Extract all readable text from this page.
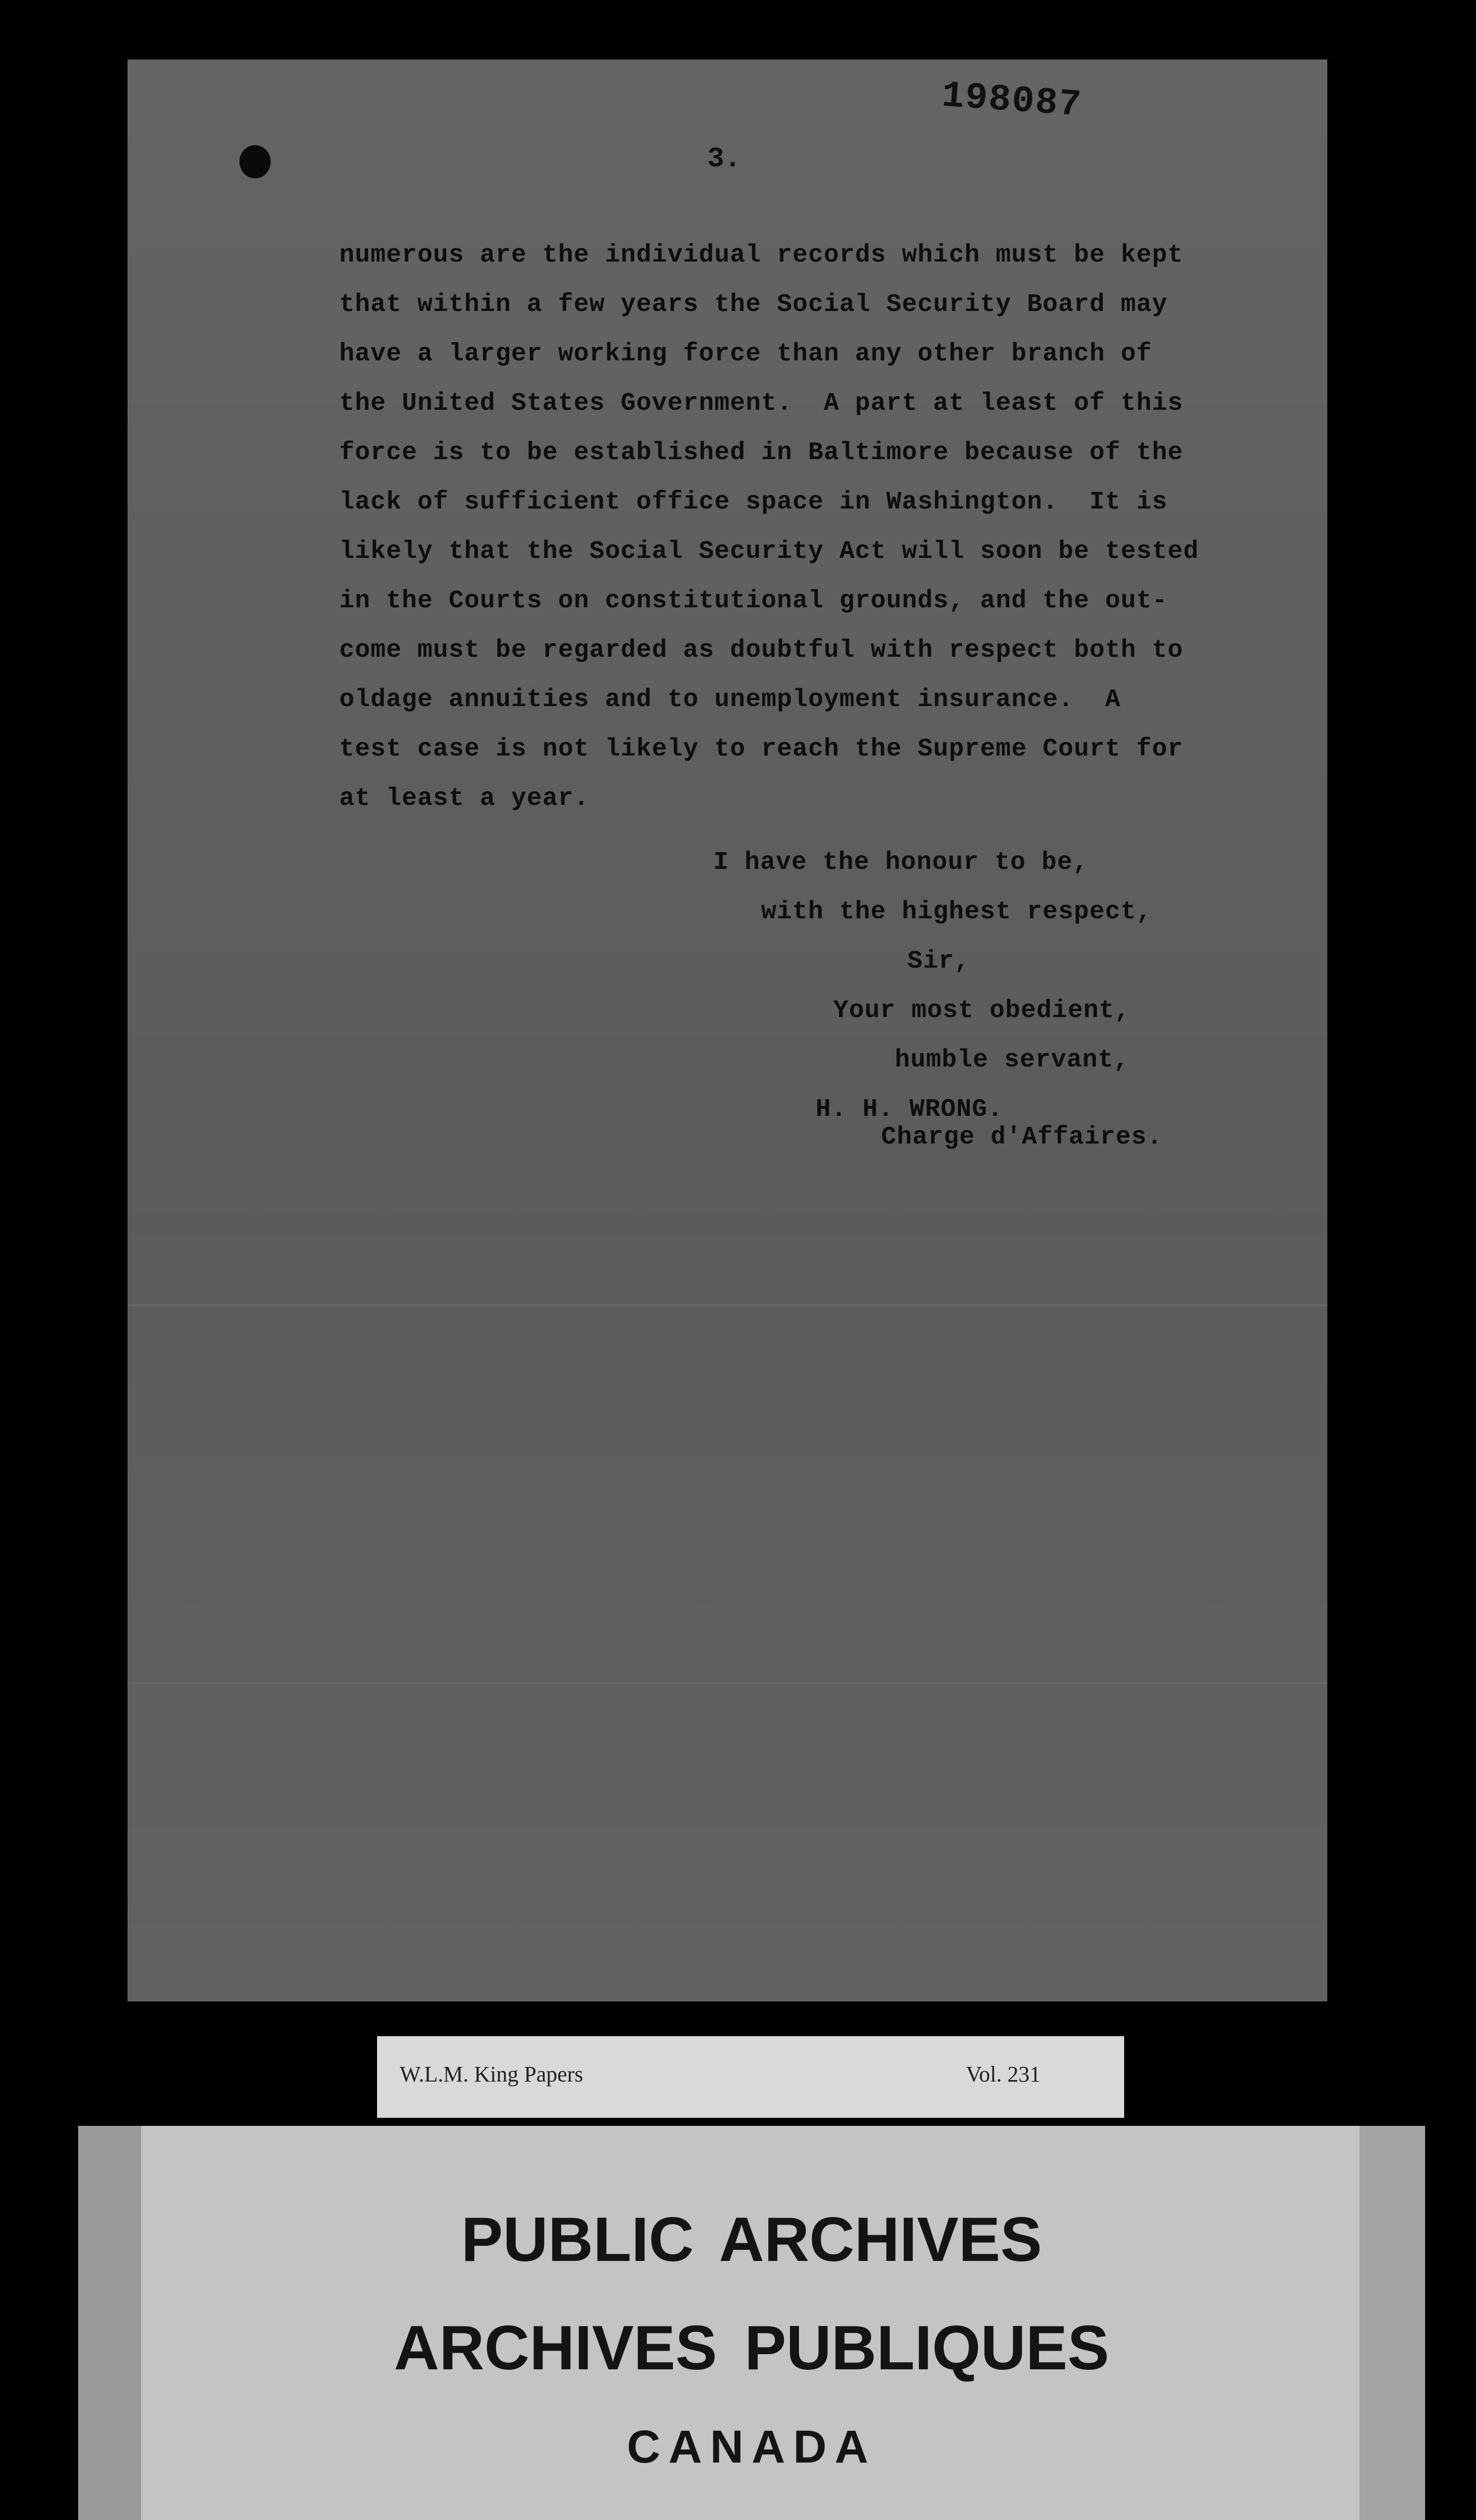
198087
3.
numerous are the individual records which must be kept
that within a few years the Social Security Board may
have a larger working force than any other branch of
the United States Government.  A part at least of this
force is to be established in Baltimore because of the
lack of sufficient office space in Washington.  It is
likely that the Social Security Act will soon be tested
in the Courts on constitutional grounds, and the out-
come must be regarded as doubtful with respect both to
oldage annuities and to unemployment insurance.  A
test case is not likely to reach the Supreme Court for
at least a year.
I have the honour to be,
with the highest respect,
Sir,
Your most obedient,
humble servant,
H. H. WRONG.
Charge d'Affaires.
W.L.M. King Papers	Vol. 231
PUBLIC ARCHIVES
ARCHIVES PUBLIQUES
CANADA
